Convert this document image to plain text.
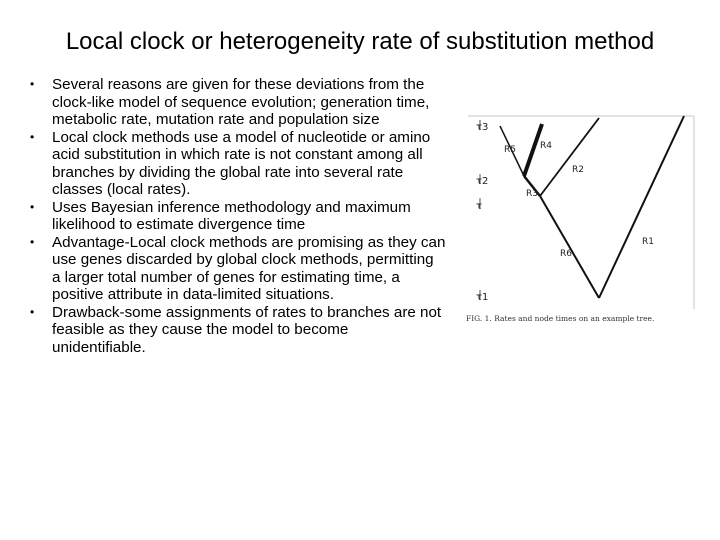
Local clock or heterogeneity rate of substitution method
• Several reasons are given for these deviations from the clock-like model of sequence evolution; generation time, metabolic rate, mutation rate and population size
• Local clock methods use a model of nucleotide or amino acid substitution in which rate is not constant among all branches by dividing the global rate into several rate classes (local rates).
• Uses Bayesian inference methodology and maximum likelihood to estimate divergence time
• Advantage-Local clock methods are promising as they can use genes discarded by global clock methods, permitting a larger total number of genes for estimating time, a positive attribute in data-limited situations.
• Drawback-some assignments of rates to branches are not feasible as they cause the model to become unidentifiable.
τ3
τ2
τ
τ1
R5	R4
R2
R3
R6
R1
FIG. 1. Rates and node times on an example tree.
